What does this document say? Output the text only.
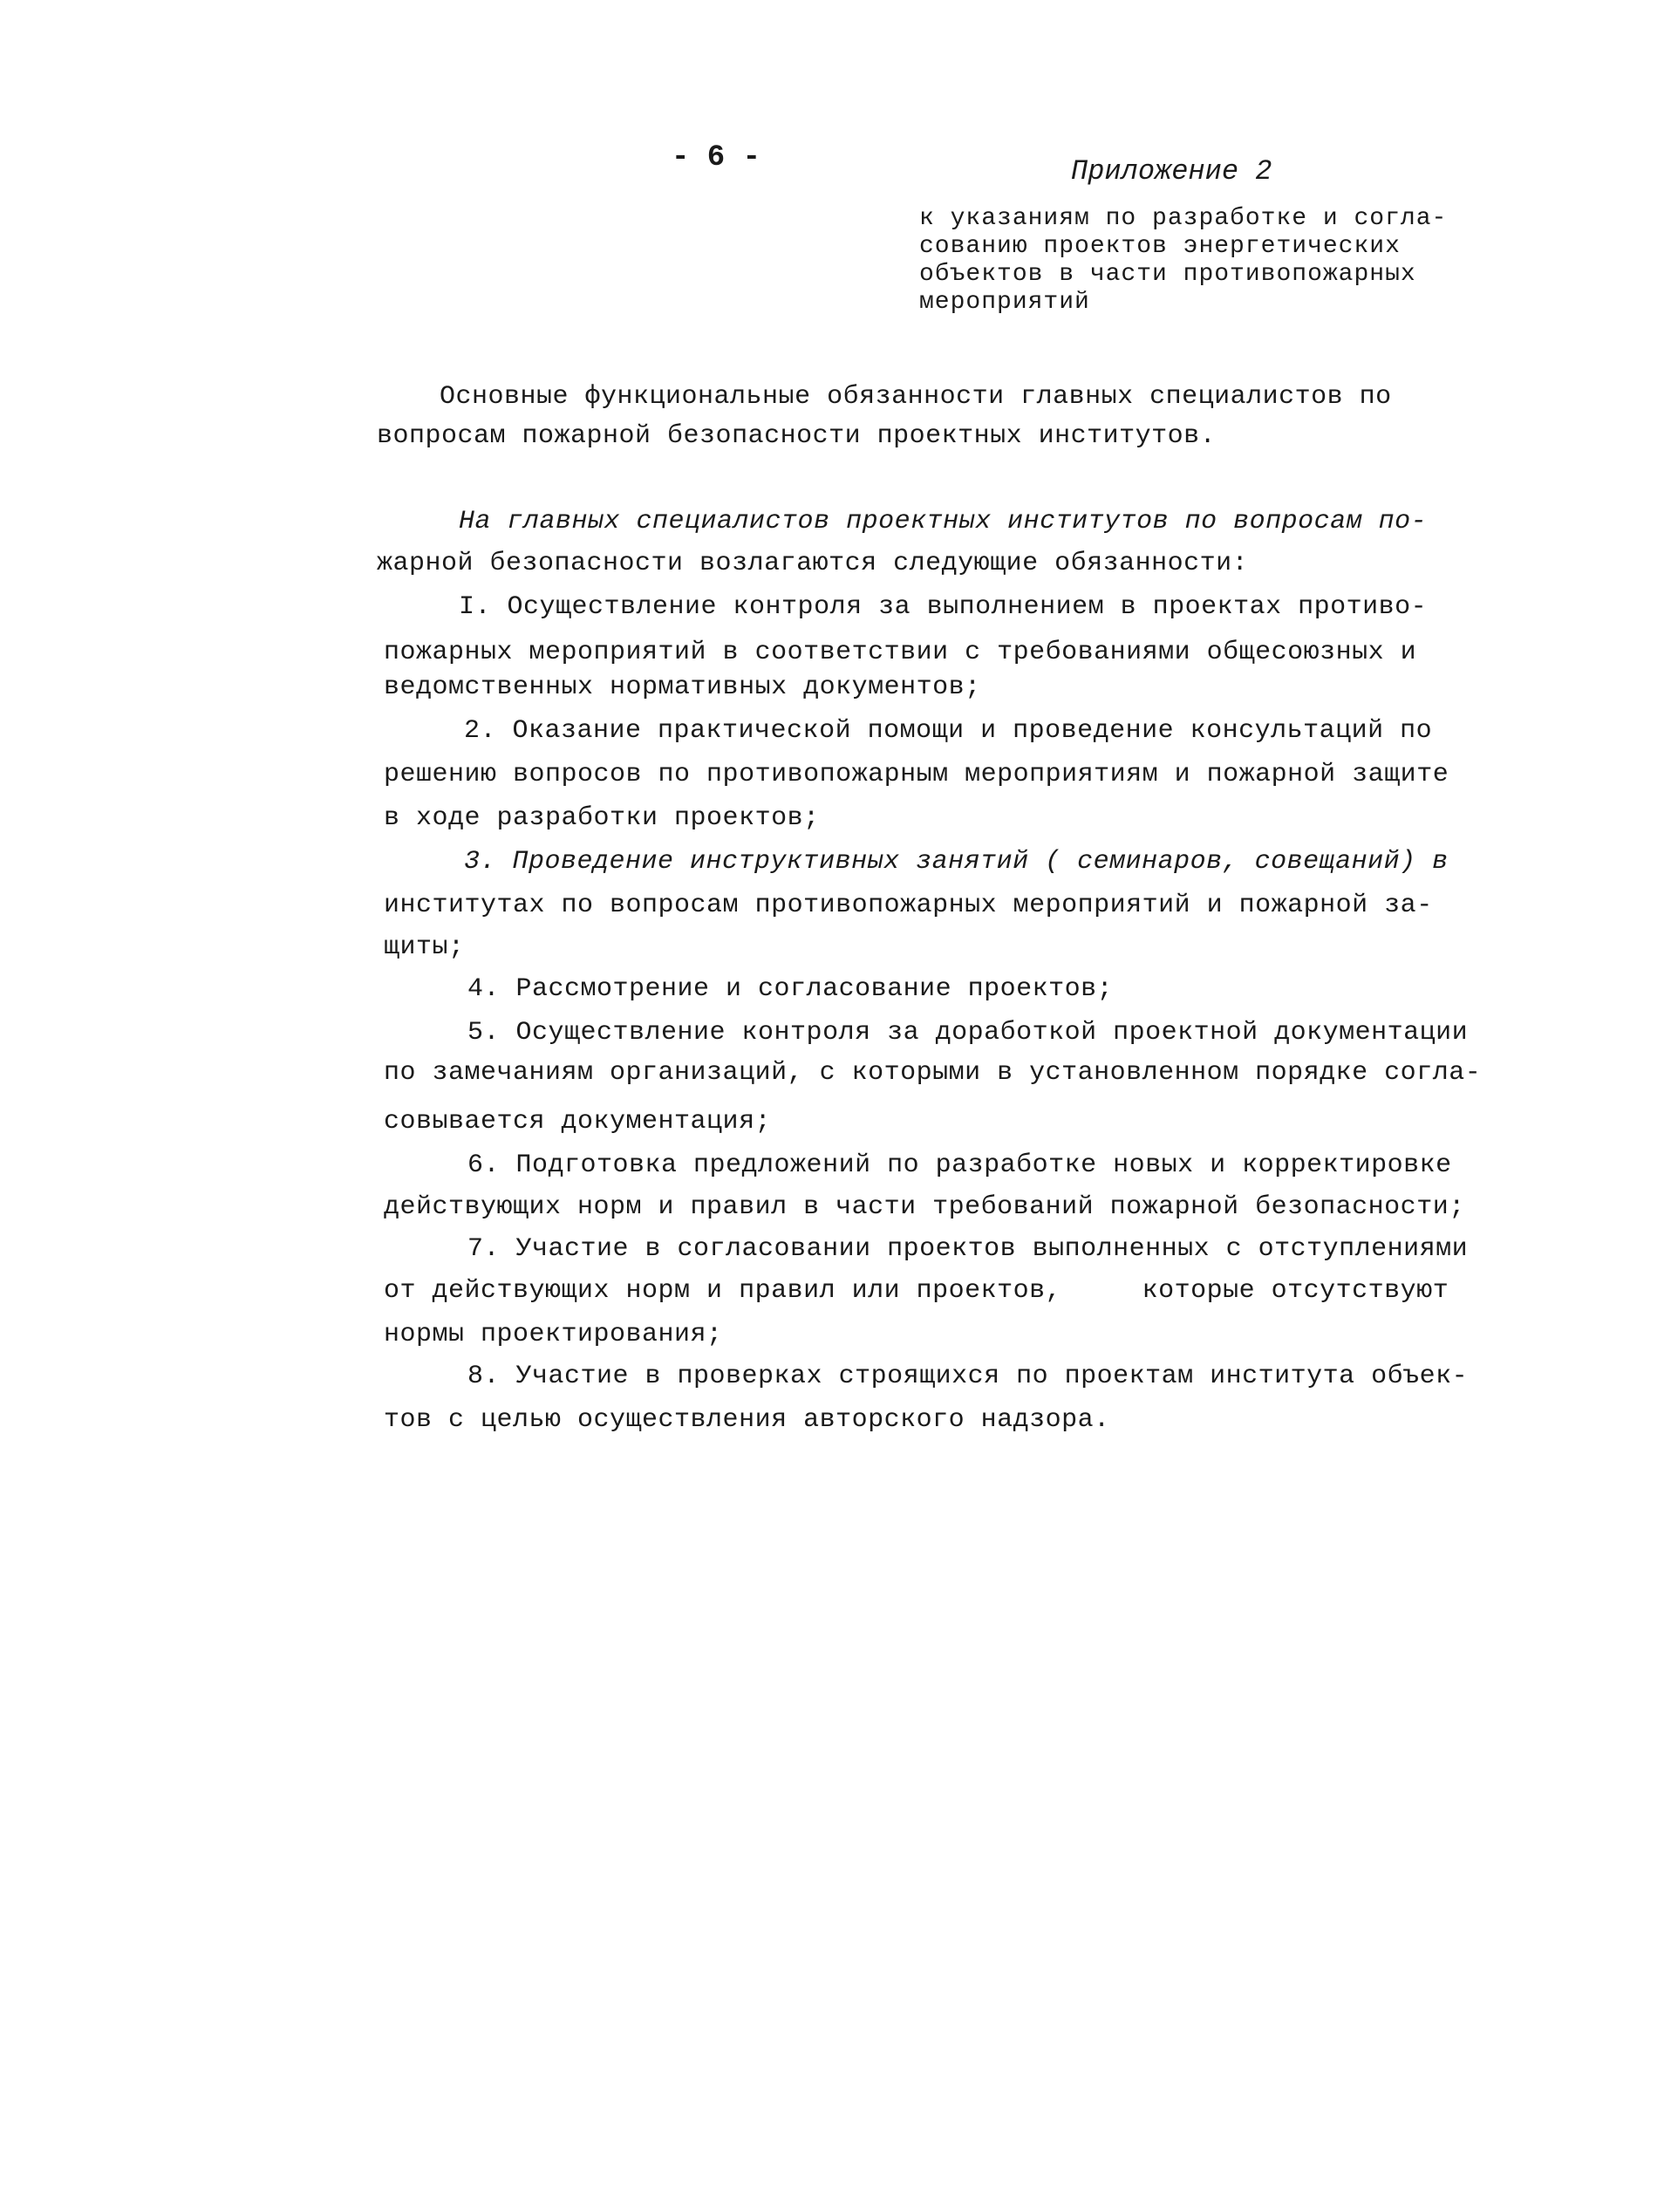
- 6 -	Приложение 2
к указаниям по разработке и согла-
сованию проектов энергетических
объектов в части противопожарных
мероприятий
Основные функциональные обязанности главных специалистов по
вопросам пожарной безопасности проектных институтов.
На главных специалистов проектных институтов по вопросам по-
жарной безопасности возлагаются следующие обязанности:
I. Осуществление контроля за выполнением в проектах противо-
пожарных мероприятий в соответствии с требованиями общесоюзных и
ведомственных нормативных документов;
2. Оказание практической помощи и проведение консультаций по
решению вопросов по противопожарным мероприятиям и пожарной защите
в ходе разработки проектов;
3. Проведение инструктивных занятий ( семинаров, совещаний) в
институтах по вопросам противопожарных мероприятий и пожарной за-
щиты;
4. Рассмотрение и согласование проектов;
5. Осуществление контроля за доработкой проектной документации
по замечаниям организаций, с которыми в установленном порядке согла-
совывается документация;
6. Подготовка предложений по разработке новых и корректировке
действующих норм и правил в части требований пожарной безопасности;
7. Участие в согласовании проектов выполненных с отступлениями
от действующих норм и правил или проектов,     которые отсутствуют
нормы проектирования;
8. Участие в проверках строящихся по проектам института объек-
тов с целью осуществления авторского надзора.
